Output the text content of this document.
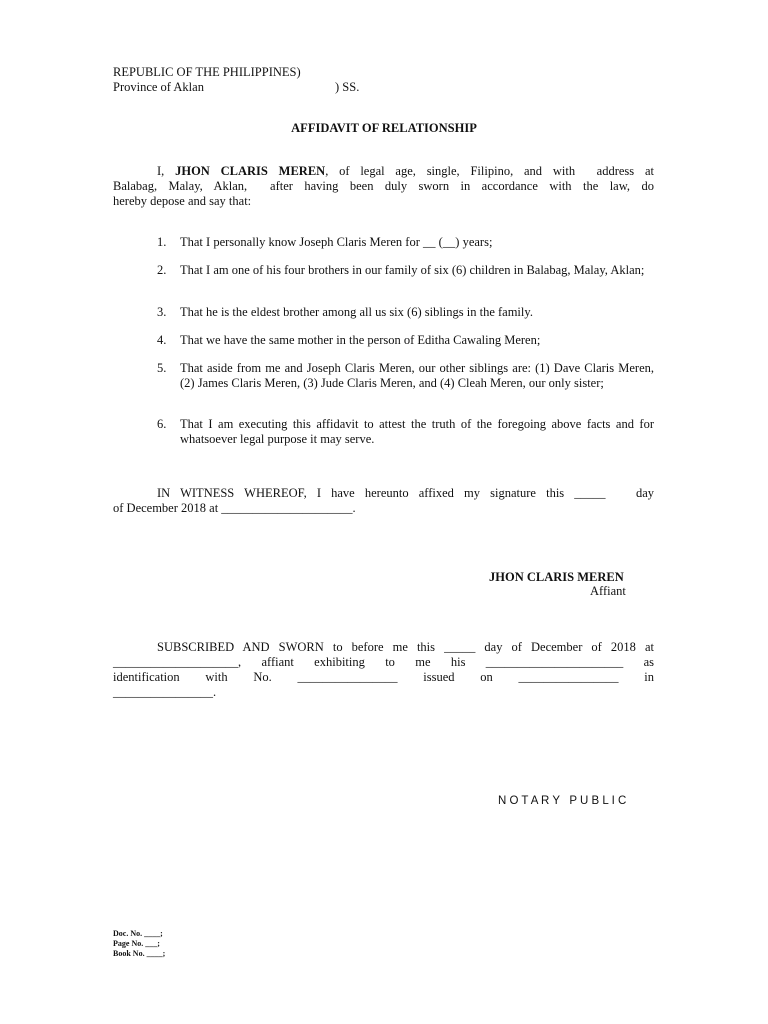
REPUBLIC OF THE PHILIPPINES)
Province of Aklan	) SS.
AFFIDAVIT OF RELATIONSHIP
I, JHON CLARIS MEREN, of legal age, single, Filipino, and with  address at
Balabag, Malay, Aklan,  after having been duly sworn in accordance with the law, do
hereby depose and say that:
1. That I personally know Joseph Claris Meren for __ (__) years;
2. That I am one of his four brothers in our family of six (6) children in Balabag, Malay, Aklan;
3. That he is the eldest brother among all us six (6) siblings in the family.
4. That we have the same mother in the person of Editha Cawaling Meren;
5. That aside from me and Joseph Claris Meren, our other siblings are: (1) Dave Claris Meren, (2) James Claris Meren, (3) Jude Claris Meren, and (4) Cleah Meren, our only sister;
6. That I am executing this affidavit to attest the truth of the foregoing above facts and for whatsoever legal purpose it may serve.
IN WITNESS WHEREOF, I have hereunto affixed my signature this _____   day
of December 2018 at _____________________.
JHON CLARIS MEREN
Affiant
SUBSCRIBED AND SWORN to before me this _____ day of December of 2018 at
____________________,    affiant    exhibiting    to    me    his    ______________________    as
identification    with    No.    ________________    issued    on    ________________    in
________________.
N O T A R Y   P U B L I C
Doc. No. ____;
Page No. ___;
Book No. ____;
